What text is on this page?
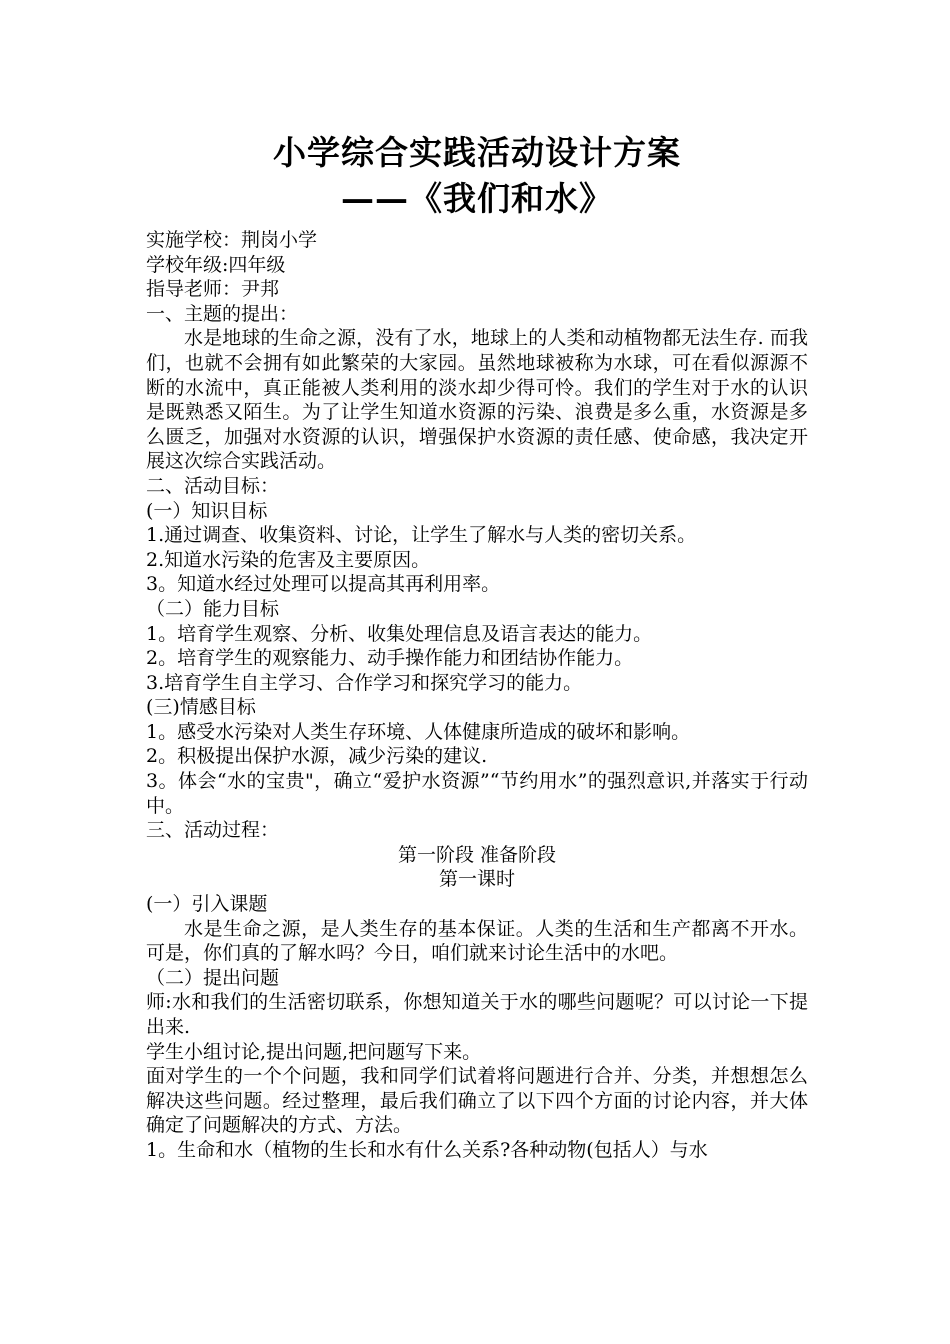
小学综合实践活动设计方案
——《我们和水》

实施学校：荆岗小学

学校年级:四年级

指导老师：尹邦

一、主题的提出：

水是地球的生命之源，没有了水，地球上的人类和动植物都无法生存. 而我们，也就不会拥有如此繁荣的大家园。虽然地球被称为水球，可在看似源源不断的水流中，真正能被人类利用的淡水却少得可怜。我们的学生对于水的认识是既熟悉又陌生。为了让学生知道水资源的污染、浪费是多么重，水资源是多么匮乏，加强对水资源的认识，增强保护水资源的责任感、使命感，我决定开展这次综合实践活动。

二、活动目标：

(一）知识目标

1.通过调查、收集资料、讨论，让学生了解水与人类的密切关系。

2.知道水污染的危害及主要原因。

3。知道水经过处理可以提高其再利用率。

（二）能力目标

1。培育学生观察、分析、收集处理信息及语言表达的能力。

2。培育学生的观察能力、动手操作能力和团结协作能力。

3.培育学生自主学习、合作学习和探究学习的能力。

(三)情感目标

1。感受水污染对人类生存环境、人体健康所造成的破坏和影响。

2。积极提出保护水源，减少污染的建议.

3。体会“水的宝贵"，确立“爱护水资源”“节约用水”的强烈意识,并落实于行动中。

三、活动过程：

第一阶段 准备阶段

第一课时

(一）引入课题

水是生命之源，是人类生存的基本保证。人类的生活和生产都离不开水。可是，你们真的了解水吗？今日，咱们就来讨论生活中的水吧。

（二）提出问题

师:水和我们的生活密切联系，你想知道关于水的哪些问题呢？可以讨论一下提出来.

学生小组讨论,提出问题,把问题写下来。

面对学生的一个个问题，我和同学们试着将问题进行合并、分类，并想想怎么解决这些问题。经过整理，最后我们确立了以下四个方面的讨论内容，并大体确定了问题解决的方式、方法。

1。生命和水（植物的生长和水有什么关系?各种动物(包括人）与水
